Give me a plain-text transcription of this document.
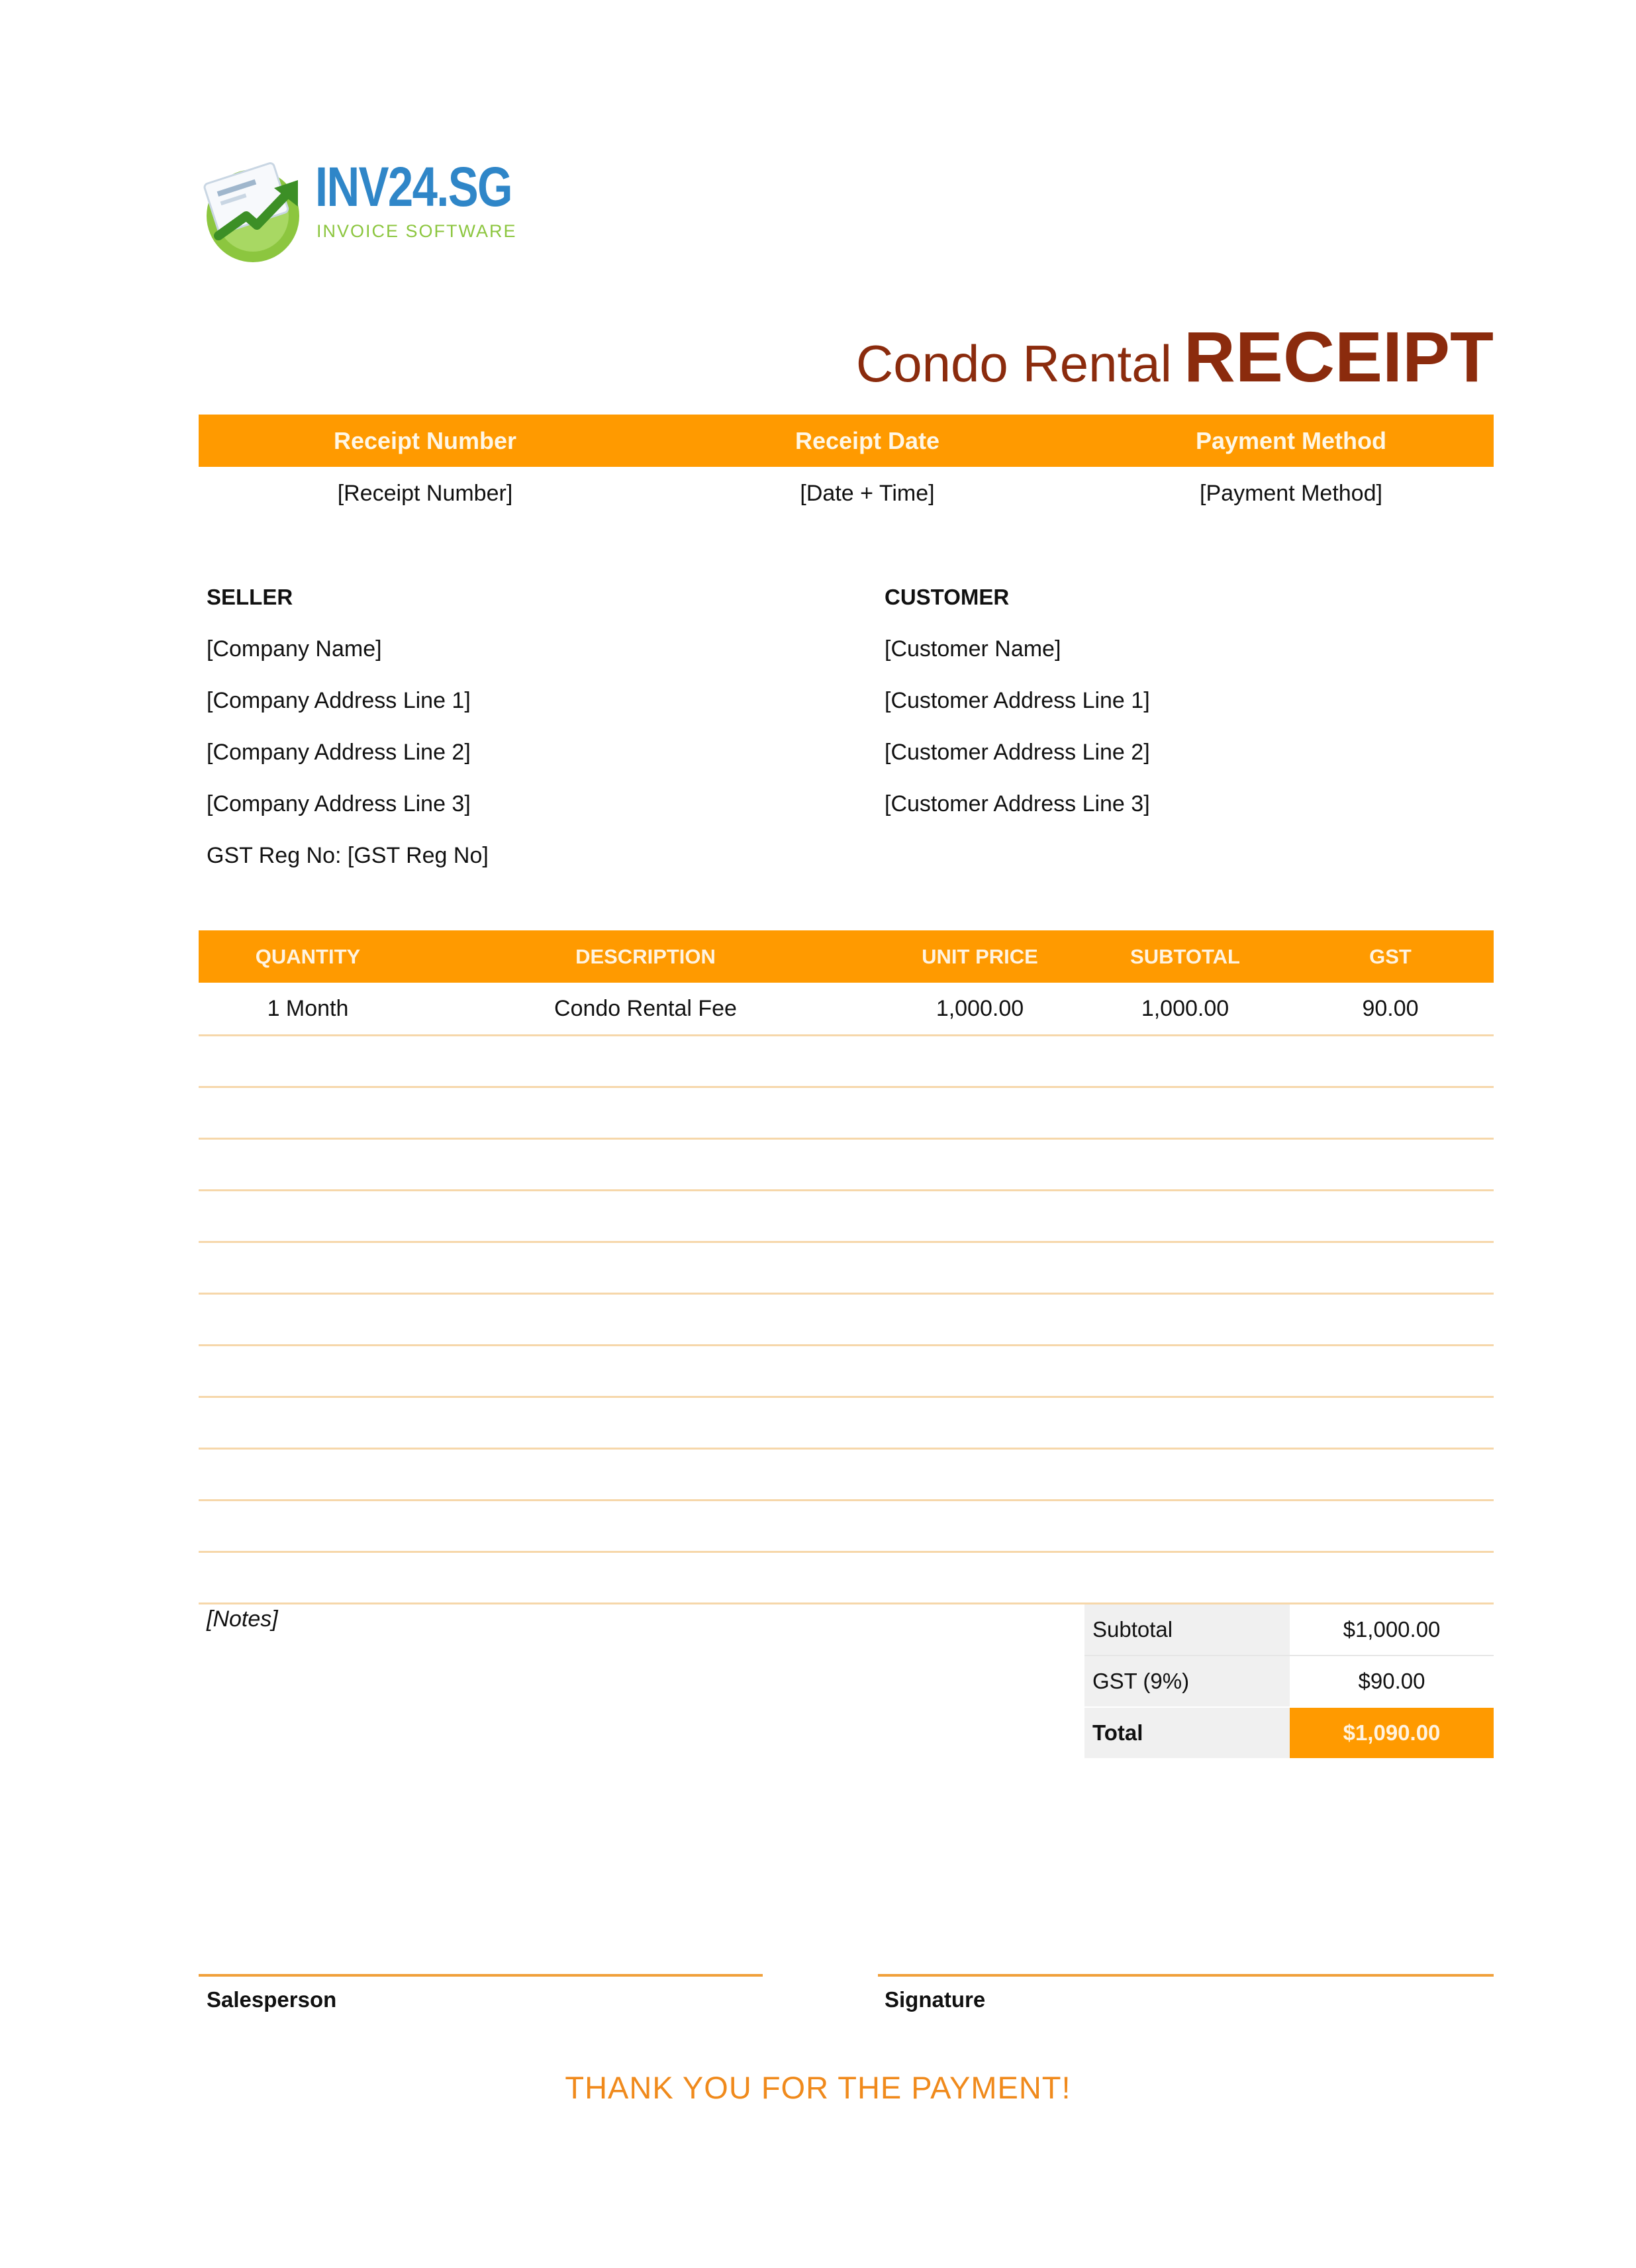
INV24.SG
INVOICE SOFTWARE
Condo Rental RECEIPT
Receipt Number	Receipt Date	Payment Method
[Receipt Number]	[Date + Time]	[Payment Method]
SELLER
[Company Name]
[Company Address Line 1]
[Company Address Line 2]
[Company Address Line 3]
GST Reg No: [GST Reg No]
CUSTOMER
[Customer Name]
[Customer Address Line 1]
[Customer Address Line 2]
[Customer Address Line 3]
QUANTITY	DESCRIPTION	UNIT PRICE	SUBTOTAL	GST
1 Month	Condo Rental Fee	1,000.00	1,000.00	90.00
[Notes]	Subtotal	$1,000.00
GST (9%)	$90.00
Total	$1,090.00
Salesperson	Signature
THANK YOU FOR THE PAYMENT!
